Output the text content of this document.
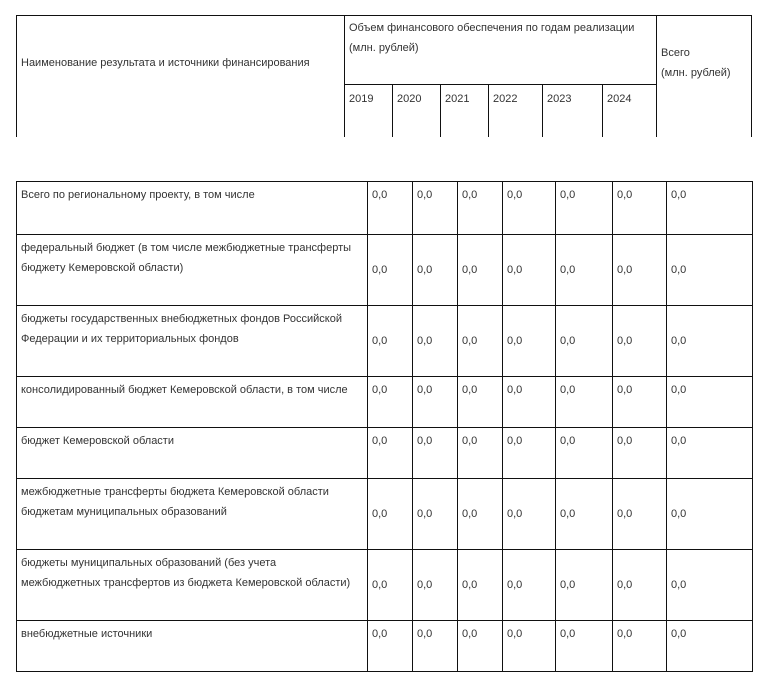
Наименование результата и источники финансирования
Объем финансового обеспечения по годам реализации
(млн. рублей)	Всего
(млн. рублей)
2019 2020 2021 2022	2023	2024
Всего по региональному проекту, в том числе	0,0	0,0	0,0	0,0	0,0	0,0	0,0

федеральный бюджет (в том числе межбюджетные трансферты
бюджету Кемеровской области)	0,0	0,0	0,0	0,0	0,0	0,0	0,0

бюджеты государственных внебюджетных фондов Российской
Федерации и их территориальных фондов	0,0	0,0	0,0	0,0	0,0	0,0	0,0

консолидированный бюджет Кемеровской области, в том числе	0,0	0,0	0,0	0,0	0,0	0,0	0,0

бюджет Кемеровской области	0,0	0,0	0,0	0,0	0,0	0,0	0,0

межбюджетные трансферты бюджета Кемеровской области
бюджетам муниципальных образований	0,0	0,0	0,0	0,0	0,0	0,0	0,0

бюджеты муниципальных образований (без учета
межбюджетных трансфертов из бюджета Кемеровской области)	0,0	0,0	0,0	0,0	0,0	0,0	0,0

внебюджетные источники	0,0	0,0	0,0	0,0	0,0	0,0	0,0
